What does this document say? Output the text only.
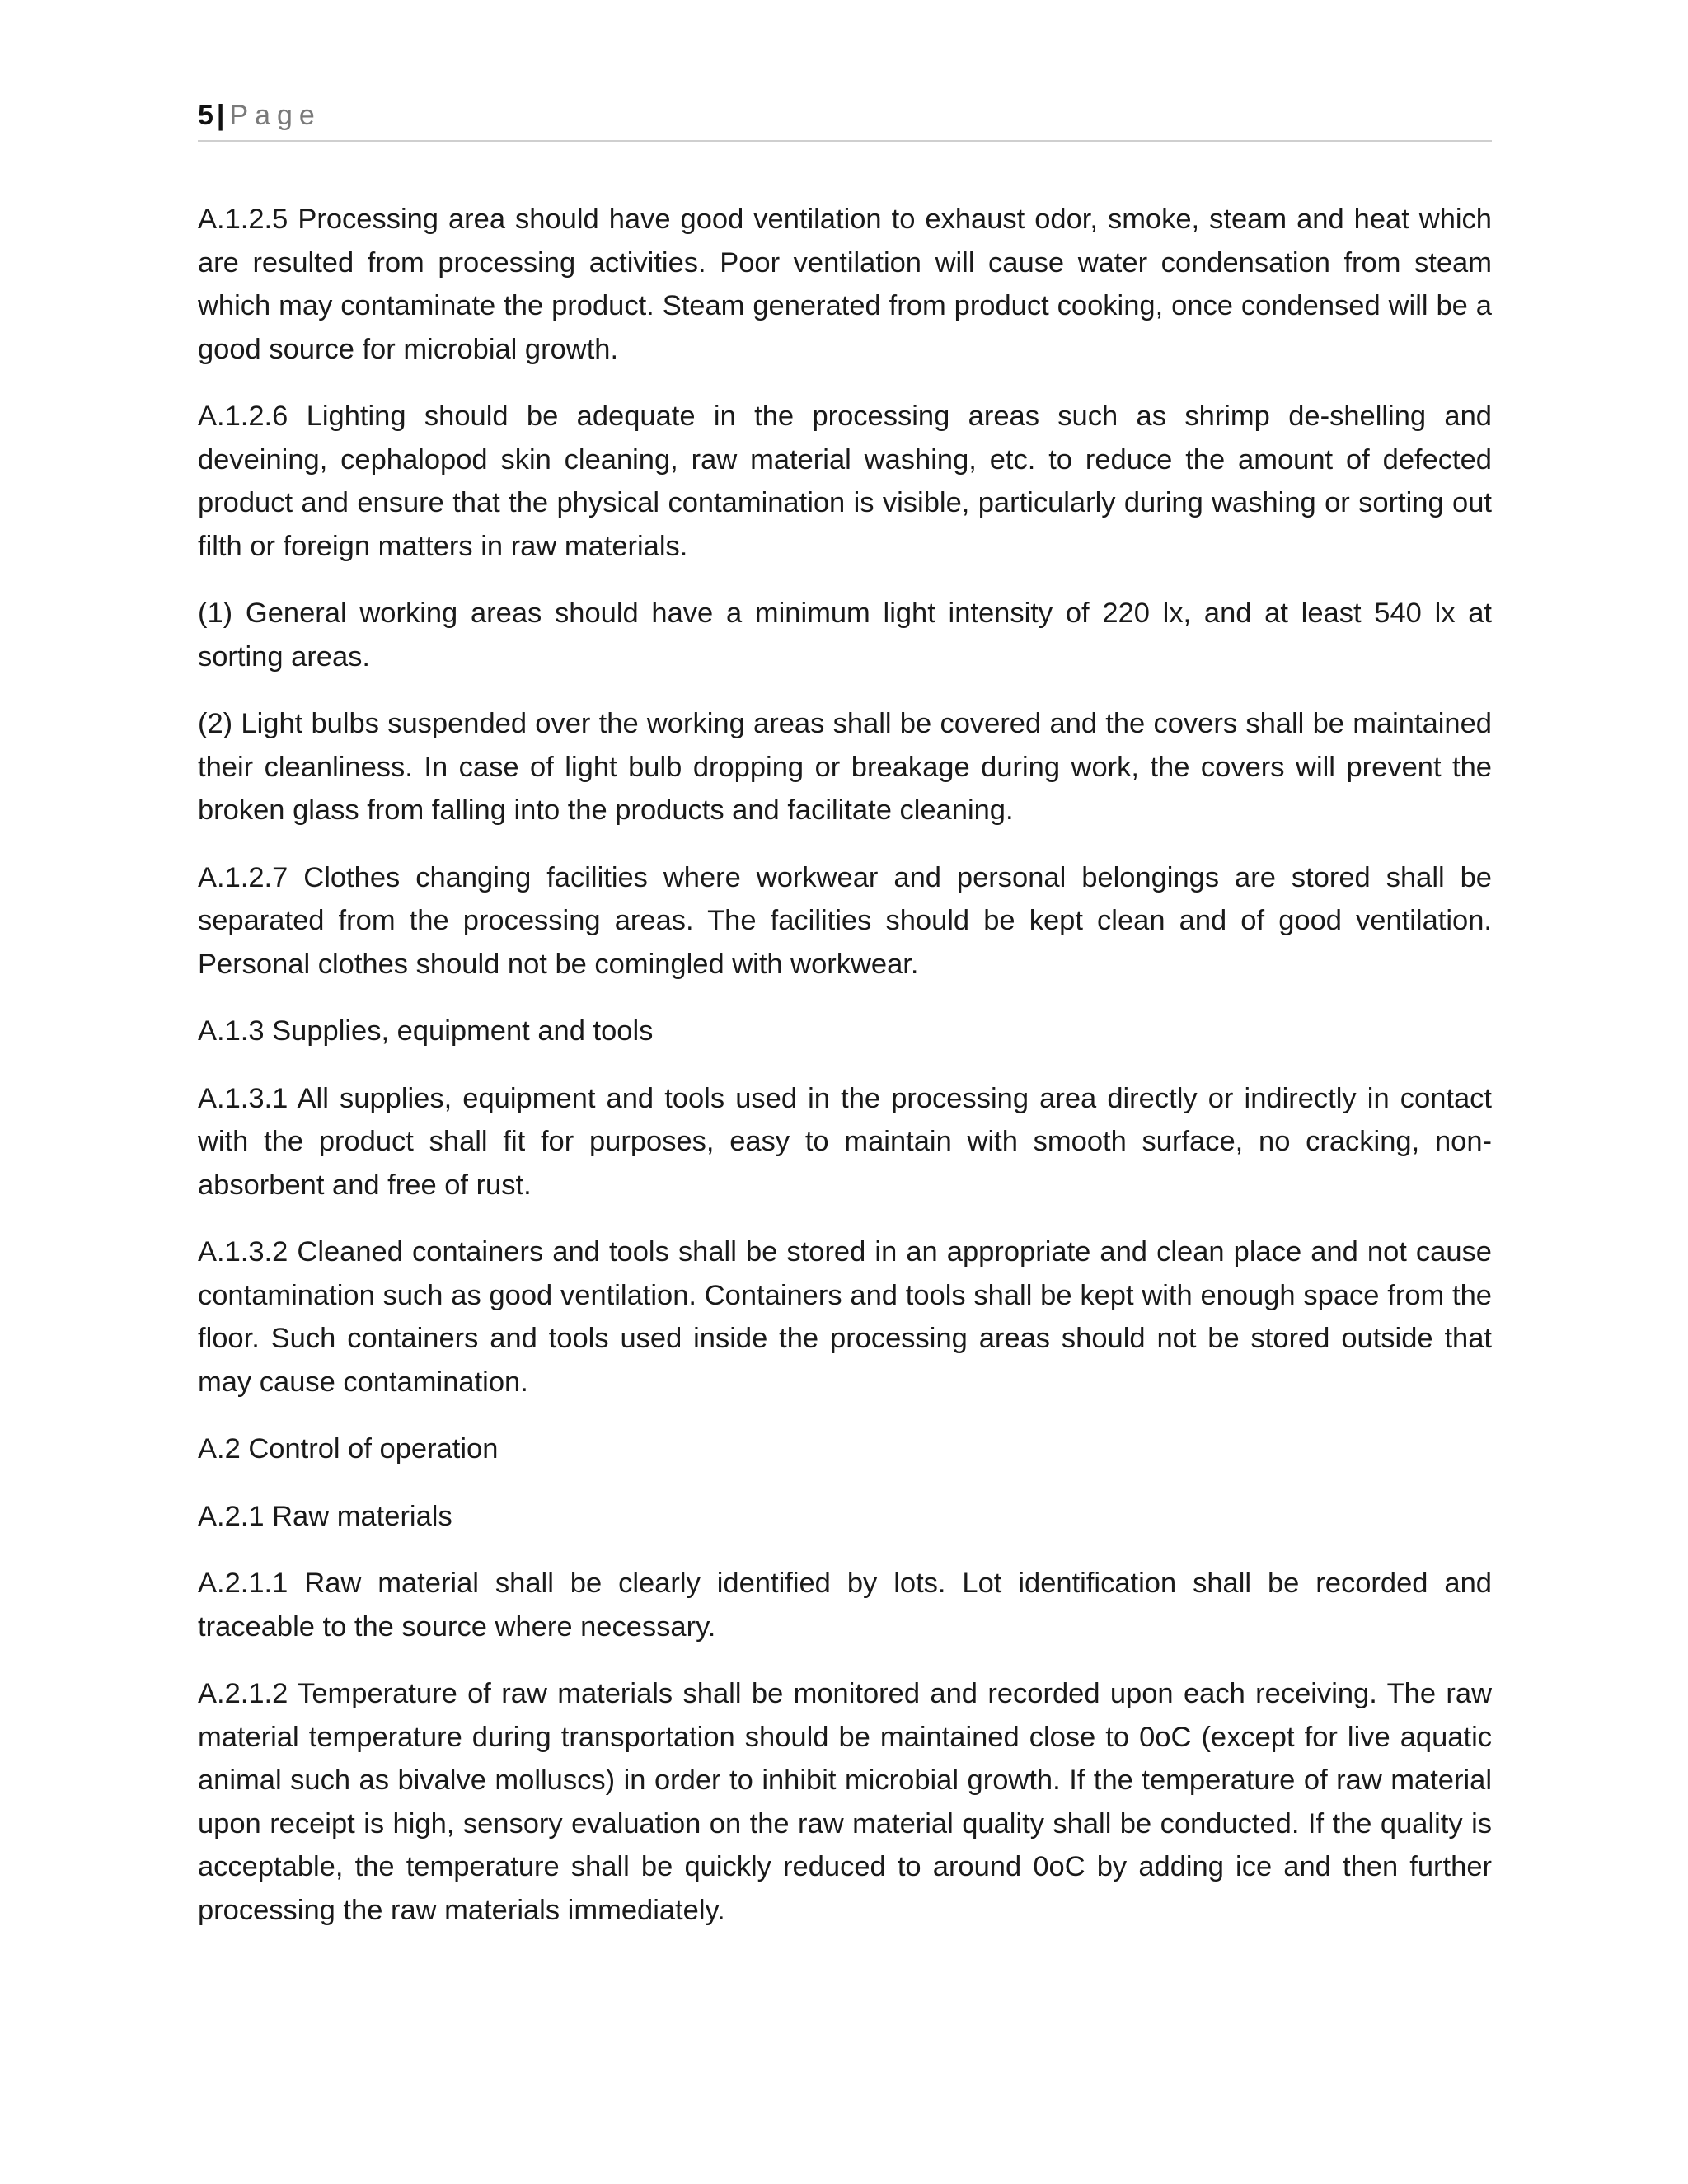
5 | Page

A.1.2.5 Processing area should have good ventilation to exhaust odor, smoke, steam and heat which are resulted from processing activities. Poor ventilation will cause water condensation from steam which may contaminate the product. Steam generated from product cooking, once condensed will be a good source for microbial growth.

A.1.2.6 Lighting should be adequate in the processing areas such as shrimp de-shelling and deveining, cephalopod skin cleaning, raw material washing, etc. to reduce the amount of defected product and ensure that the physical contamination is visible, particularly during washing or sorting out filth or foreign matters in raw materials.

(1) General working areas should have a minimum light intensity of 220 lx, and at least 540 lx at sorting areas.

(2) Light bulbs suspended over the working areas shall be covered and the covers shall be maintained their cleanliness. In case of light bulb dropping or breakage during work, the covers will prevent the broken glass from falling into the products and facilitate cleaning.

A.1.2.7 Clothes changing facilities where workwear and personal belongings are stored shall be separated from the processing areas. The facilities should be kept clean and of good ventilation. Personal clothes should not be comingled with workwear.

A.1.3 Supplies, equipment and tools

A.1.3.1 All supplies, equipment and tools used in the processing area directly or indirectly in contact with the product shall fit for purposes, easy to maintain with smooth surface, no cracking, non-absorbent and free of rust.

A.1.3.2 Cleaned containers and tools shall be stored in an appropriate and clean place and not cause contamination such as good ventilation. Containers and tools shall be kept with enough space from the floor. Such containers and tools used inside the processing areas should not be stored outside that may cause contamination.

A.2 Control of operation

A.2.1 Raw materials

A.2.1.1 Raw material shall be clearly identified by lots. Lot identification shall be recorded and traceable to the source where necessary.

A.2.1.2 Temperature of raw materials shall be monitored and recorded upon each receiving. The raw material temperature during transportation should be maintained close to 0oC (except for live aquatic animal such as bivalve molluscs) in order to inhibit microbial growth. If the temperature of raw material upon receipt is high, sensory evaluation on the raw material quality shall be conducted. If the quality is acceptable, the temperature shall be quickly reduced to around 0oC by adding ice and then further processing the raw materials immediately.
